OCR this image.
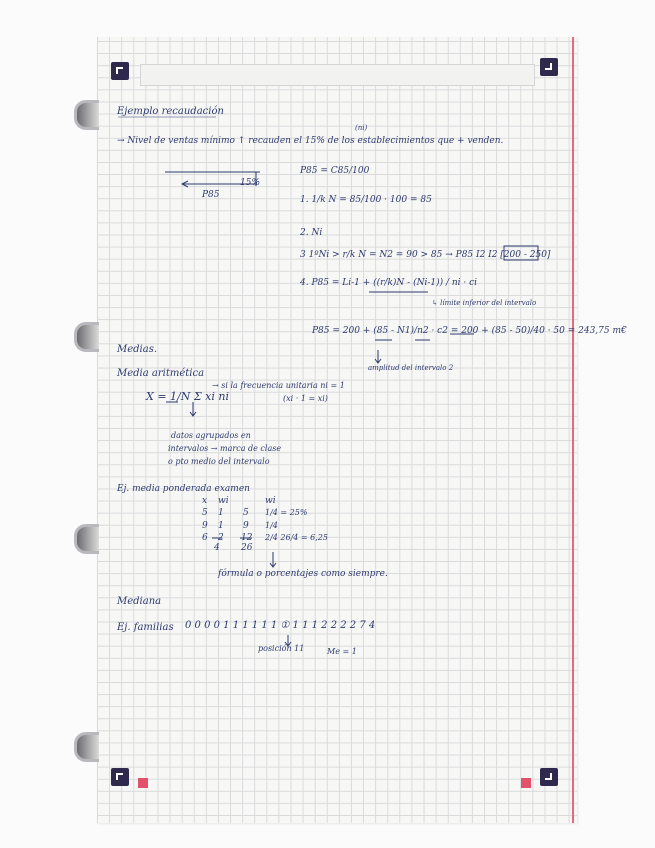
Ejemplo recaudación
→ Nivel de ventas mínimo ↑ recauden el 15% de los establecimientos que + venden.
(ni)
15%
P85
P85 = C85/100
1. 1/k N = 85/100 · 100 = 85
2. Ni
3 1ºNi > r/k N = N2 = 90 > 85 → P85 I2 I2 [200 - 250]
4. P85 = Li-1 + ((r/k)N - (Ni-1)) / ni · ci
↳ límite inferior del intervalo
P85 = 200 + (85 - N1)/n2 · c2 = 200 + (85 - 50)/40 · 50 = 243,75 m€
amplitud del intervalo 2
Medias.
Media aritmética
X = 1/N Σ xi ni
→ si la frecuencia unitaria ni = 1
(xi · 1 = xi)
datos agrupados en
intervalos → marca de clase
o pto medio del intervalo
Ej. media ponderada examen
x wi	wi
5 1 5 1/4 = 25%
9 1 9 1/4
6 2 12 2/4 26/4 = 6,25
4 26
fórmula o porcentajes como siempre.
Mediana
Ej. familias 0 0 0 0 1 1 1 1 1 1 ① 1 1 1 2 2 2 2 7 4
posición 11	Me = 1
